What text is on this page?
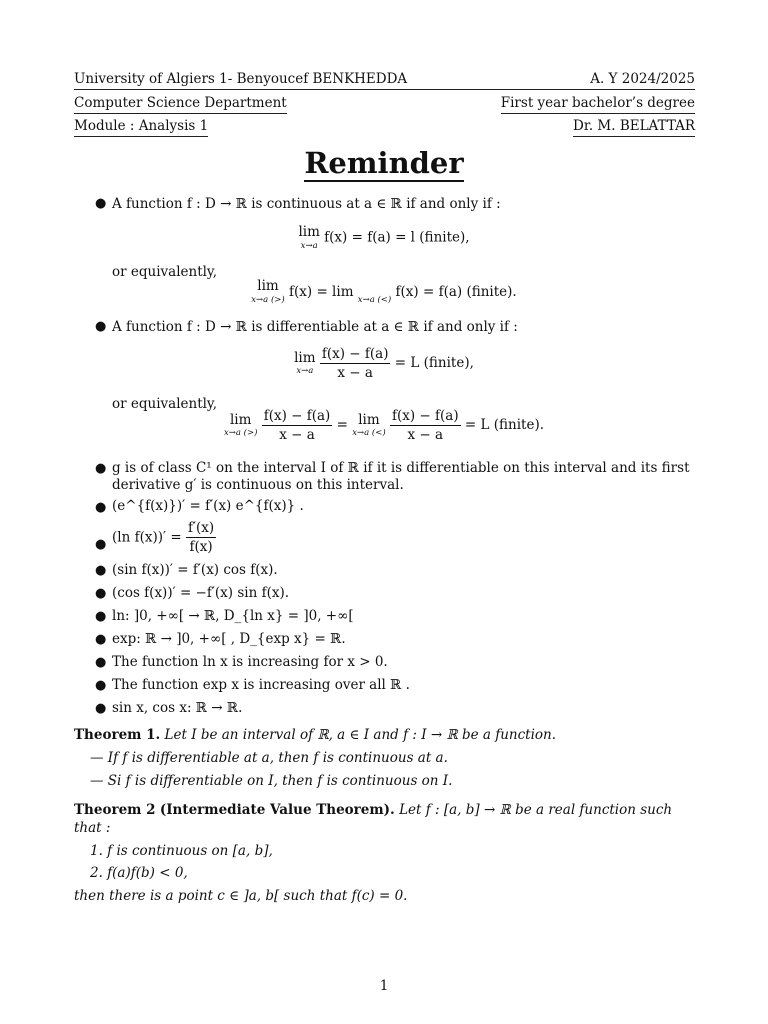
University of Algiers 1- Benyoucef BENKHEDDA	A. Y 2024/2025
Computer Science Department	First year bachelor’s degree
Module : Analysis 1	Dr. M. BELATTAR
Reminder
● A function f : D → ℝ is continuous at a ∈ ℝ if and only if :
lim
x→a f(x) = f(a) = l (finite),
or equivalently,
lim
x→a (>) f(x) = lim
x→a (<)
f(x) = f(a) (finite).
● A function f : D → ℝ is differentiable at a ∈ ℝ if and only if :
lim
x→a
$\frac{f(x) - f(a)}{x - a} = L$ (finite),
or equivalently,
lim
x→a (>)
$\frac{f(x) - f(a)}{x - a} = \lim$
x→a (<)
$\frac{f(x) - f(a)}{x - a} = L$ (finite).
● g is of class C¹ on the interval I of ℝ if it is differentiable on this interval and its first
derivative g′ is continuous on this interval.
● (e^{f(x)})′ = f′(x) e^{f(x)} .
● (ln $f(x))' = \frac{f'(x)}{f(x)}$
● (sin f(x))′ = f′(x) cos f(x).
● (cos f(x))′ = −f′(x) sin f(x).
● ln: ]0, +∞[ → ℝ, D_{ln x} = ]0, +∞[
● exp: ℝ → ]0, +∞[ , D_{exp x} = ℝ.
● The function ln x is increasing for x > 0.
● The function exp x is increasing over all ℝ .
● sin x, cos x: ℝ → ℝ.
Theorem 1. Let I be an interval of ℝ, a ∈ I and f : I → ℝ be a function.
— If f is differentiable at a, then f is continuous at a.
— Si f is differentiable on I, then f is continuous on I.
Theorem 2 (Intermediate Value Theorem). Let f : [a, b] → ℝ be a real function such
that :
1. f is continuous on [a, b],
2. f(a)f(b) < 0,
then there is a point c ∈ ]a, b[ such that f(c) = 0.
1
